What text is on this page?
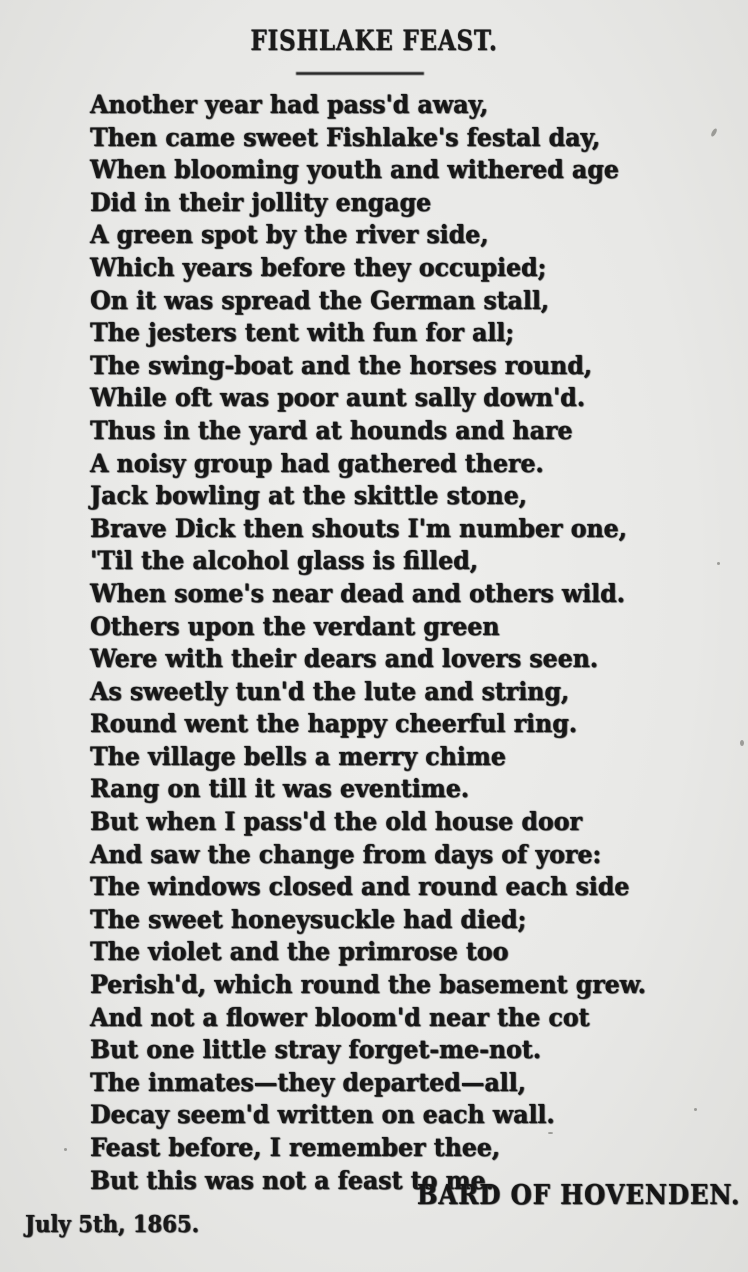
FISHLAKE FEAST.
Another year had pass'd away,
Then came sweet Fishlake's festal day,
When blooming youth and withered age
Did in their jollity engage
A green spot by the river side,
Which years before they occupied;
On it was spread the German stall,
The jesters tent with fun for all;
The swing-boat and the horses round,
While oft was poor aunt sally down'd.
Thus in the yard at hounds and hare
A noisy group had gathered there.
Jack bowling at the skittle stone,
Brave Dick then shouts I'm number one,
'Til the alcohol glass is filled,
When some's near dead and others wild.
Others upon the verdant green
Were with their dears and lovers seen.
As sweetly tun'd the lute and string,
Round went the happy cheerful ring.
The village bells a merry chime
Rang on till it was eventime.
But when I pass'd the old house door
And saw the change from days of yore:
The windows closed and round each side
The sweet honeysuckle had died;
The violet and the primrose too
Perish'd, which round the basement grew.
And not a flower bloom'd near the cot
But one little stray forget-me-not.
The inmates—they departed—all,
Decay seem'd written on each wall.
Feast before, I remember thee,
But this was not a feast to me.
BARD OF HOVENDEN.
July 5th, 1865.
